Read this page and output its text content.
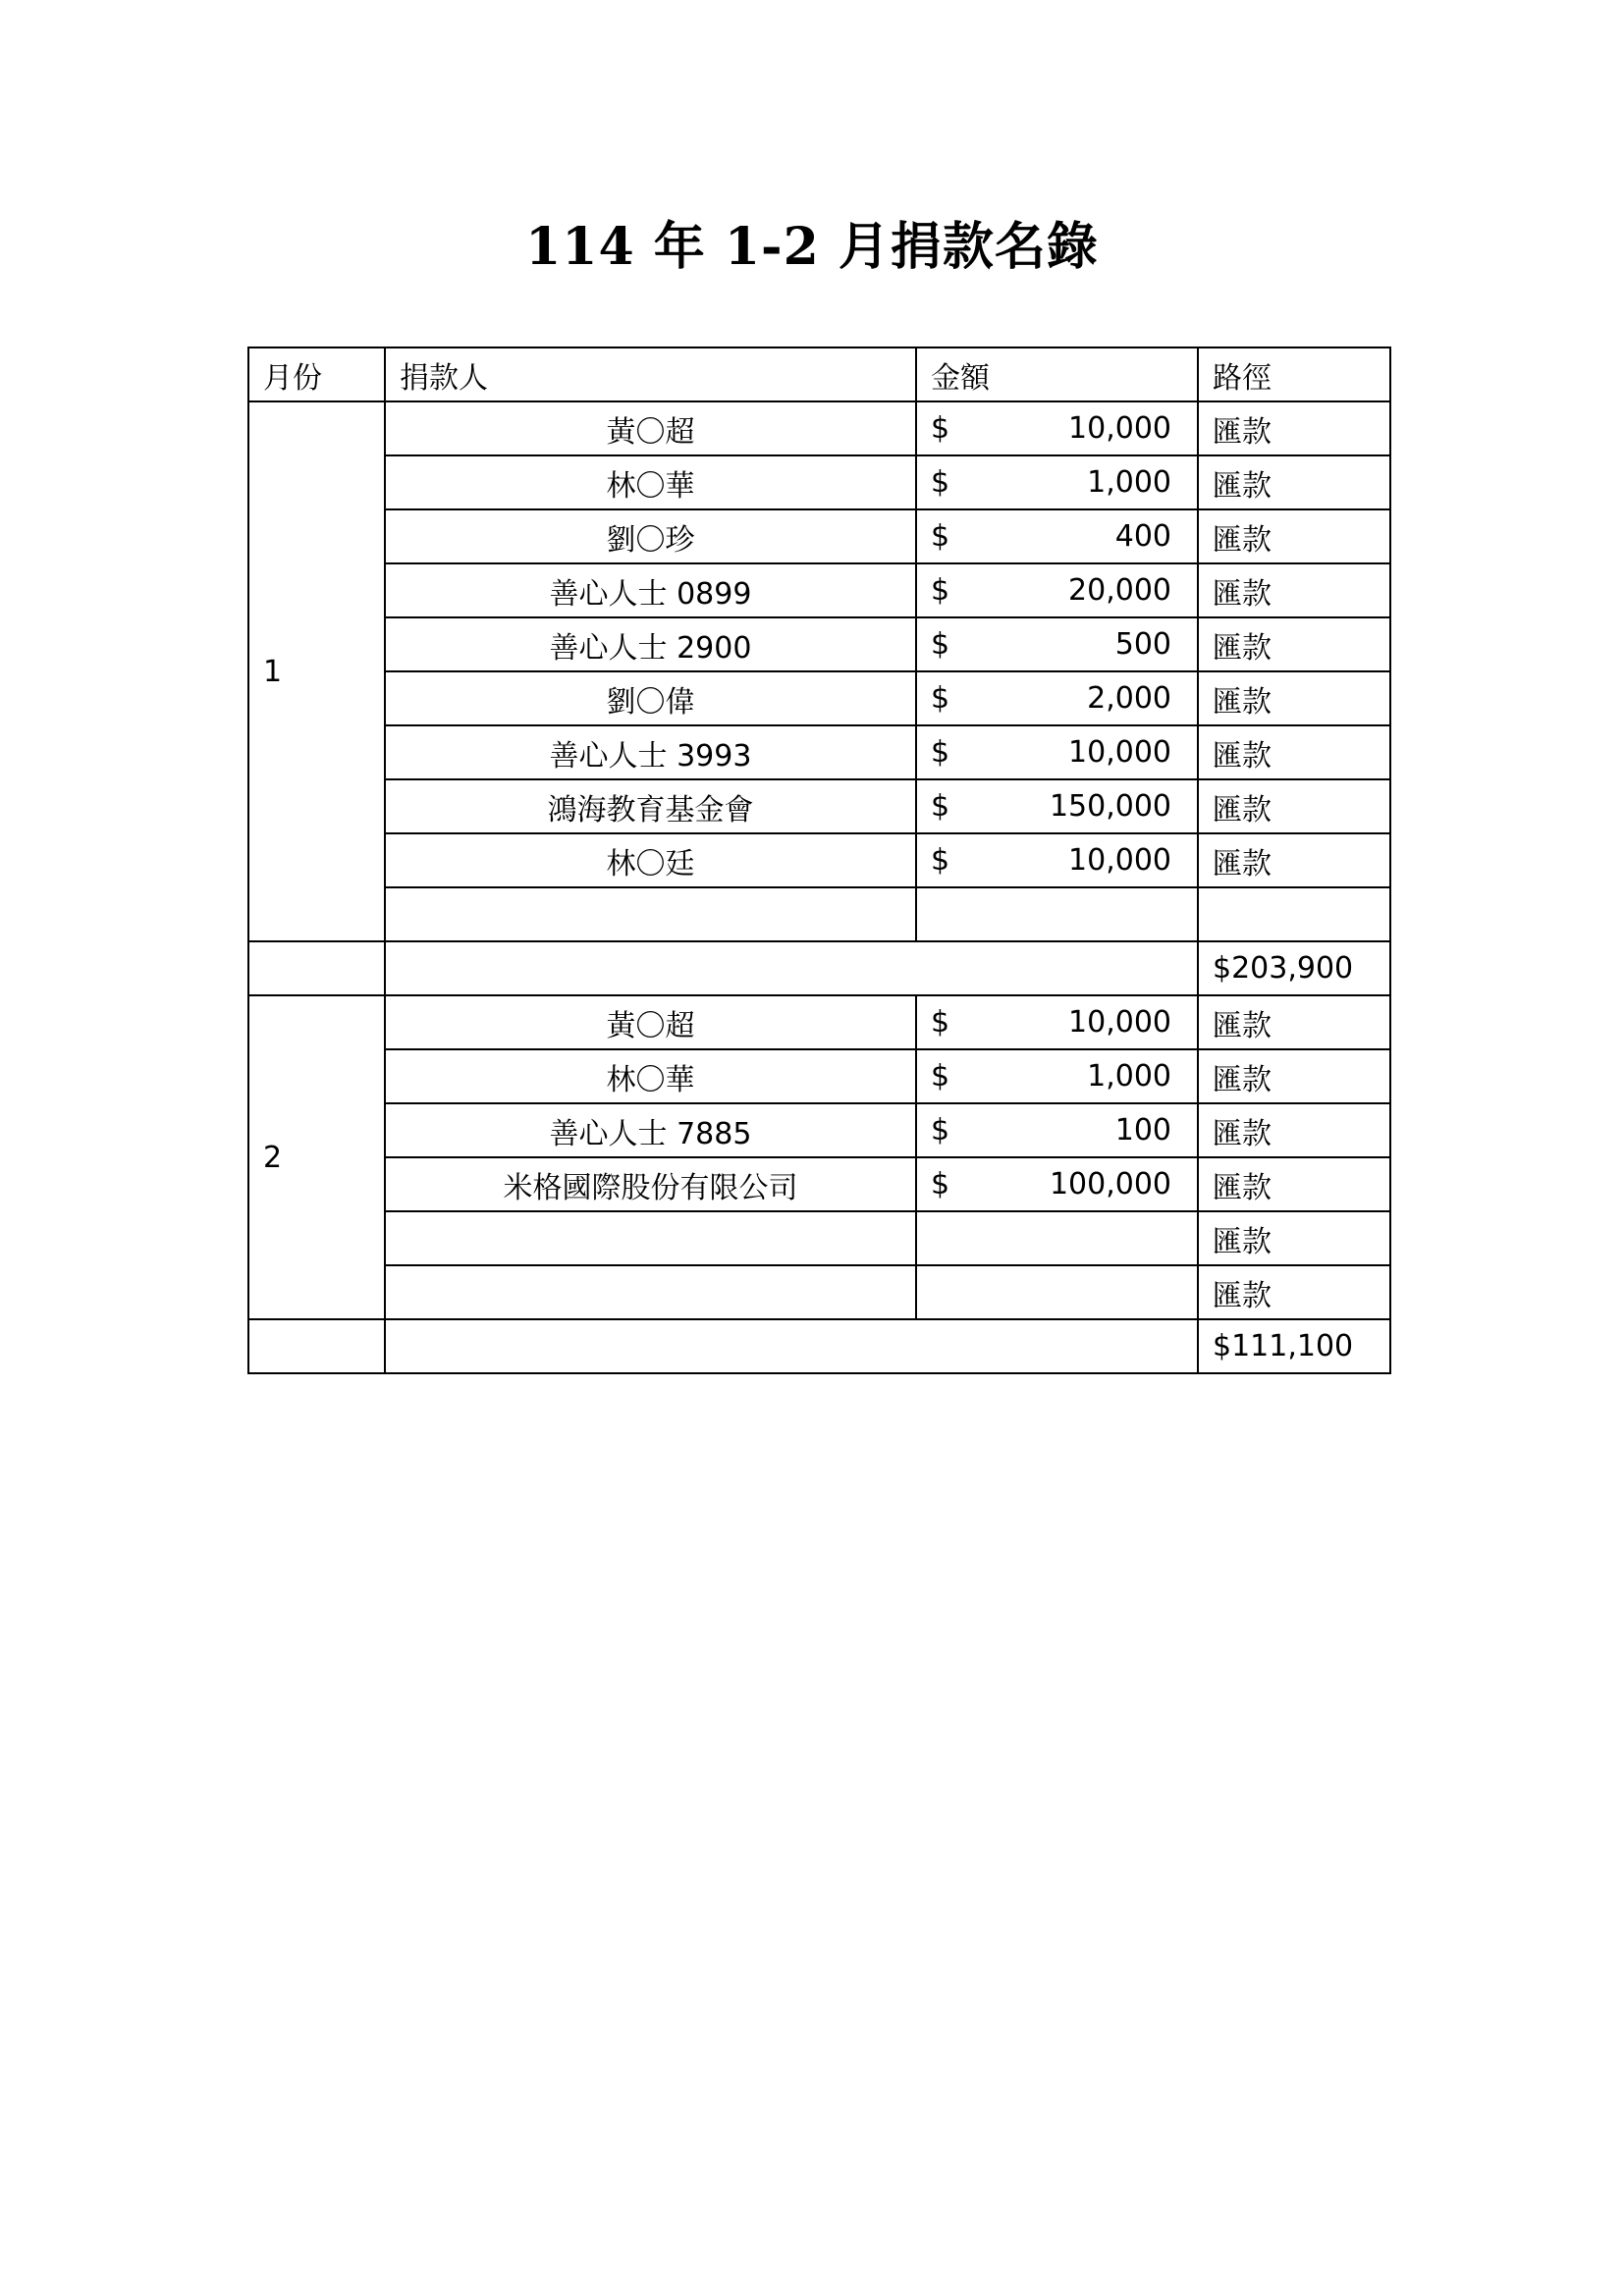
114 年 1-2 月捐款名錄
月份	捐款人	金額	路徑
1	黃〇超	$ 10,000	匯款
	林〇華	$ 1,000	匯款
	劉〇珍	$ 400	匯款
	善心人士 0899	$ 20,000	匯款
	善心人士 2900	$ 500	匯款
	劉〇偉	$ 2,000	匯款
	善心人士 3993	$ 10,000	匯款
	鴻海教育基金會	$ 150,000	匯款
	林〇廷	$ 10,000	匯款

			$203,900
2	黃〇超	$ 10,000	匯款
	林〇華	$ 1,000	匯款
	善心人士 7885	$ 100	匯款
	米格國際股份有限公司	$ 100,000	匯款
			匯款
			匯款
			$111,100
